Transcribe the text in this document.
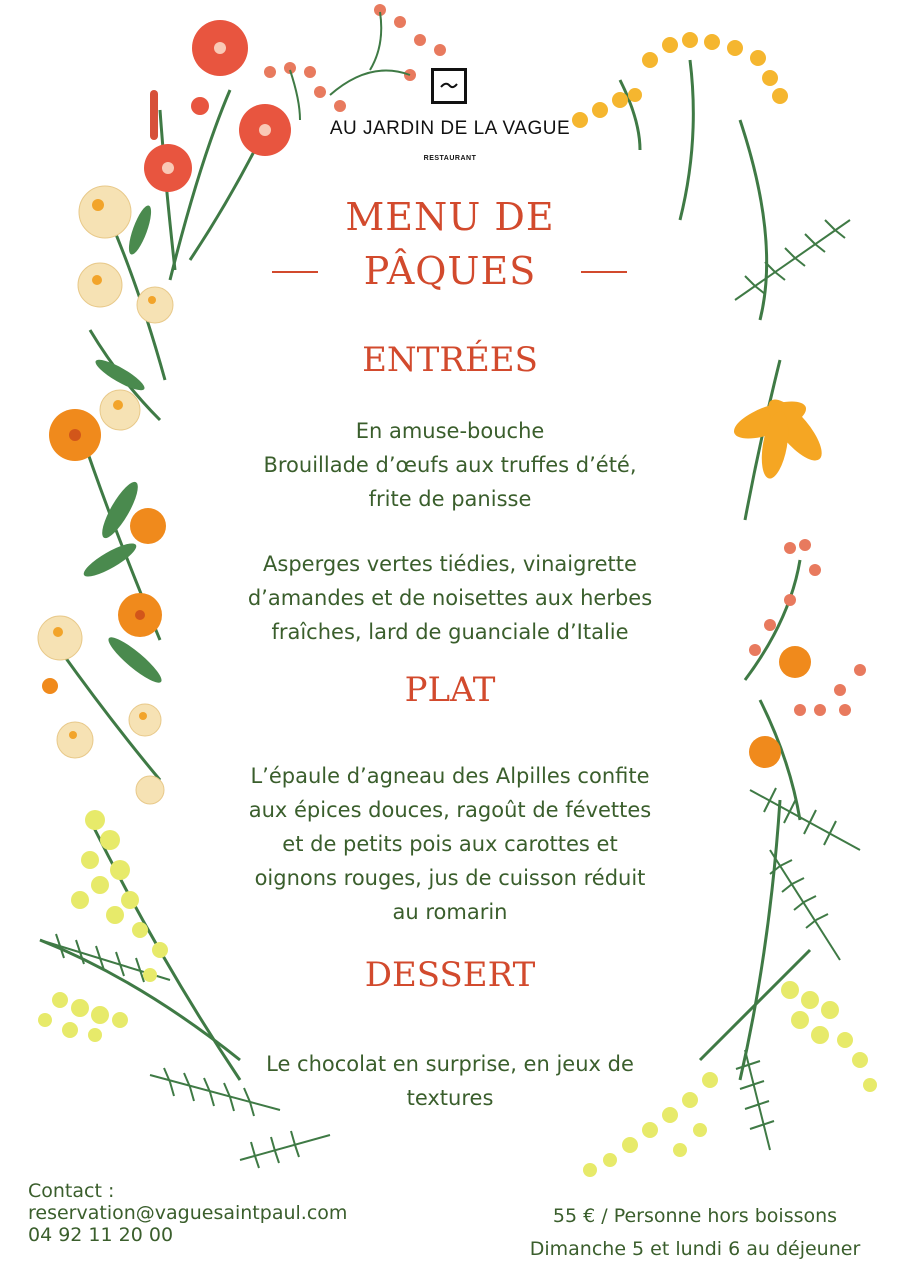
AU JARDIN DE LA VAGUE
RESTAURANT
MENU DE
PÂQUES
ENTRÉES
En amuse-bouche
Brouillade d’œufs aux truffes d’été,
frite de panisse
Asperges vertes tiédies, vinaigrette
d’amandes et de noisettes aux herbes
fraîches, lard de guanciale d’Italie
PLAT
L’épaule d’agneau des Alpilles confite
aux épices douces, ragoût de févettes
et de petits pois aux carottes et
oignons rouges, jus de cuisson réduit
au romarin
DESSERT
Le chocolat en surprise, en jeux de
textures
Contact :
reservation@vaguesaintpaul.com
04 92 11 20 00
55 € / Personne hors boissons
Dimanche 5 et lundi 6 au déjeuner
